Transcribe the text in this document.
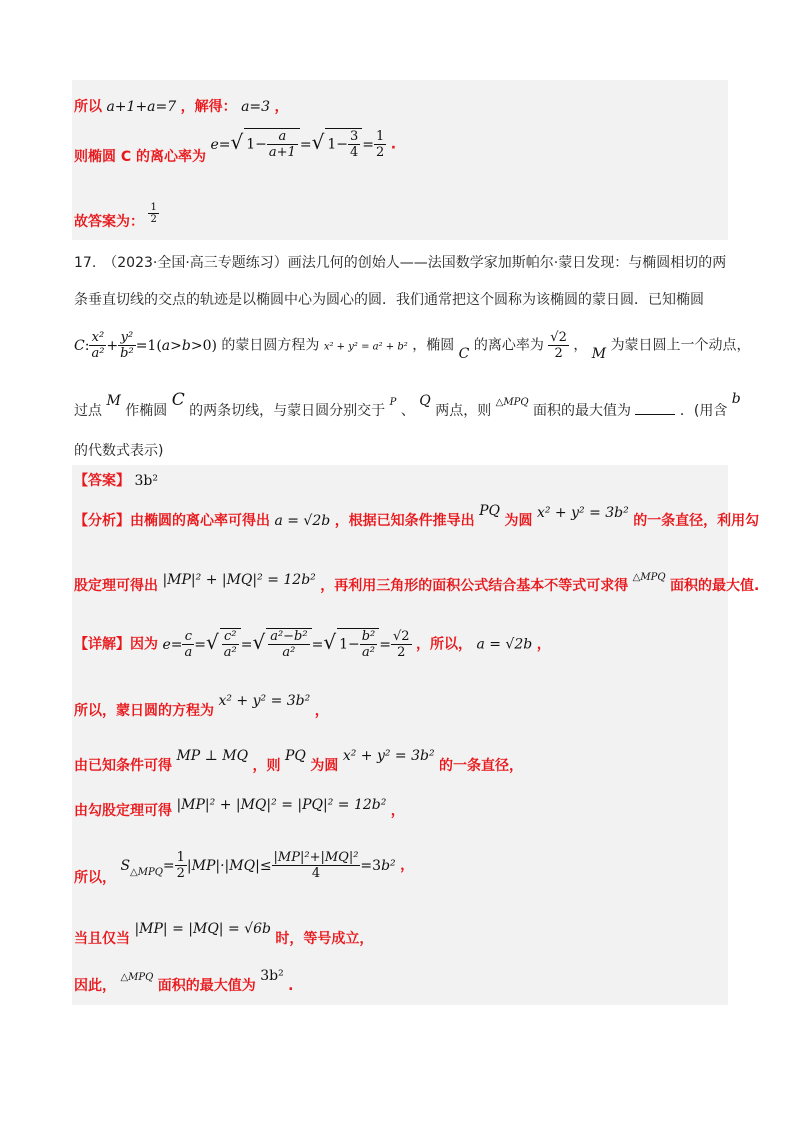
所以 a+1+a=7 ，解得： a=3 ，
则椭圆 C 的离心率为 e=√ $1- \frac{a}{a+1}$ =√ $1- \frac{3}{4} = \frac{1}{2}$ .
故答案为： $\frac{1}{2}$
17.　（2023·全国·高三专题练习）画法几何的创始人——法国数学家加斯帕尔·蒙日发现：与椭圆相切的两
条垂直切线的交点的轨迹是以椭圆中心为圆心的圆．我们通常把这个圆称为该椭圆的蒙日圆．已知椭圆
C: $\frac{\text{x²}}{\text{a²}} + \frac{\text{y²}}{\text{b²}} =1(a>b>0)$ 的蒙日圆方程为 x² + y² = a² + b² ，椭圆 C 的离心率为 $\frac{√2}{2}$ ， M 为蒙日圆上一个动点，
过点 M 作椭圆 C 的两条切线，与蒙日圆分别交于 $^P$ 、 Q 两点，则 $^{\triangle MPQ}$ 面积的最大值为	．(用含 b
的代数式表示)
【答案】 3b²
【分析】由椭圆的离心率可得出 a = √2b ，根据已知条件推导出 PQ 为圆 x² + y² = 3b² 的一条直径，利用勾
股定理可得出 |MP|² + |MQ|² = 12b² ，再利用三角形的面积公式结合基本不等式可求得 $^{\triangle MPQ}$ 面积的最大值.
【详解】因为 $e= \frac{c}{a}$ =√ $\frac{\text{c²}}{\text{a²}}$ =√ $\frac{\text{a²−b²}}{\text{a²}}$ =√ $1- \frac{\text{b²}}{\text{a²}} = \frac{√2}{2}$ ，所以， a = √2b ，
所以，蒙日圆的方程为 x² + y² = 3b² ，
由已知条件可得 MP ⊥ MQ ，则 PQ 为圆 x² + y² = 3b² 的一条直径，
由勾股定理可得 |MP|² + |MQ|² = |PQ|² = 12b² ，
所以， $S_{\triangle MPQ}= \frac{1}{2} |MP|\cdot|MQ|\le \frac{\text{|MP|²+|MQ|²}}{4} =3b^2$ ，
当且仅当 |MP| = |MQ| = √6b 时，等号成立，
因此， △MPQ 面积的最大值为 3b² .
